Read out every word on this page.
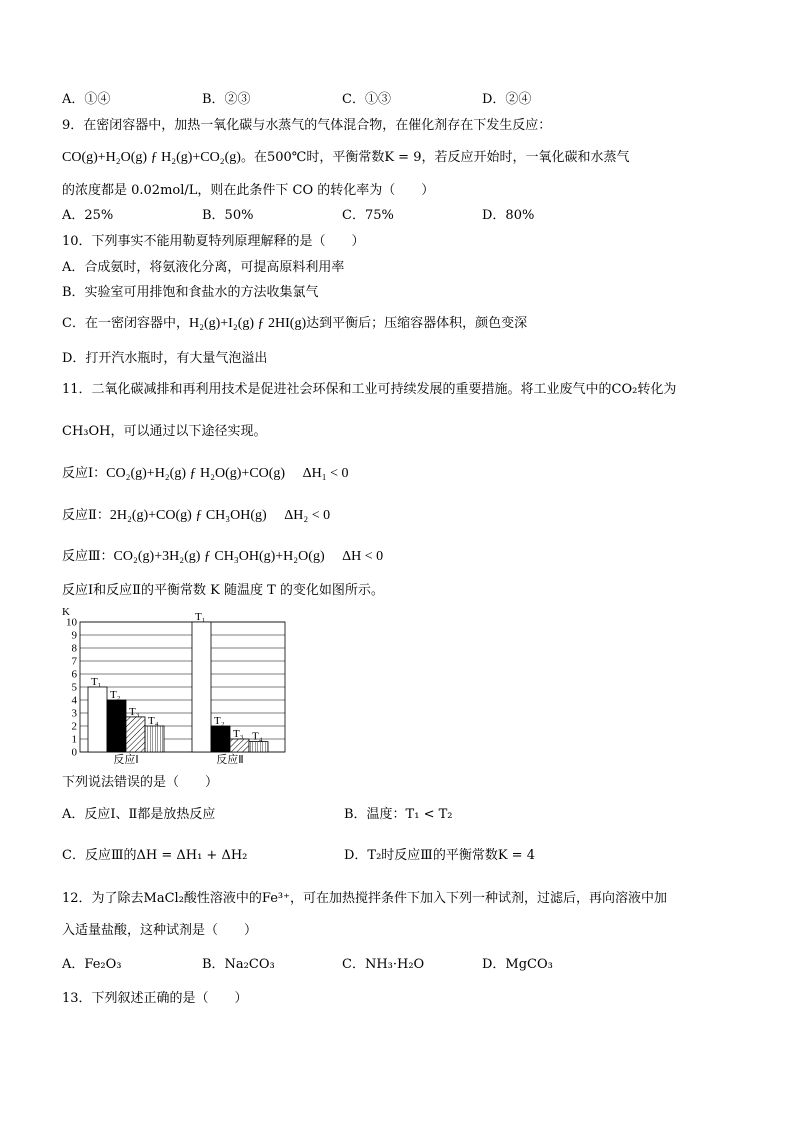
A．①④	B．②③	C．①③	D．②④
9．在密闭容器中，加热一氧化碳与水蒸气的气体混合物，在催化剂存在下发生反应：
CO(g)+H₂O(g) ƒ H₂(g)+CO₂(g)。在500℃时，平衡常数K = 9，若反应开始时，一氧化碳和水蒸气
的浓度都是 0.02mol/L，则在此条件下 CO 的转化率为（　　）
A．25%	B．50%	C．75%	D．80%
10．下列事实不能用勒夏特列原理解释的是（　　）
A．合成氨时，将氨液化分离，可提高原料利用率
B．实验室可用排饱和食盐水的方法收集氯气
C．在一密闭容器中，H₂(g)+I₂(g) ƒ 2HI(g)达到平衡后；压缩容器体积，颜色变深
D．打开汽水瓶时，有大量气泡溢出
11．二氧化碳减排和再利用技术是促进社会环保和工业可持续发展的重要措施。将工业废气中的CO₂转化为
CH₃OH，可以通过以下途径实现。
反应Ⅰ：CO₂(g)+H₂(g) ƒ H₂O(g)+CO(g)　 ΔH₁ < 0
反应Ⅱ：2H₂(g)+CO(g) ƒ CH₃OH(g)　 ΔH₂ < 0
反应Ⅲ：CO₂(g)+3H₂(g) ƒ CH₃OH(g)+H₂O(g)　 ΔH < 0
反应Ⅰ和反应Ⅱ的平衡常数 K 随温度 T 的变化如图所示。
K
0
1
2
3
4
5
6
7
8
9
10
T₁
T₂
T₃
T₄
T₁
T₂
T₃ T₄
反应Ⅰ	反应Ⅱ
下列说法错误的是（　　）
A．反应Ⅰ、Ⅱ都是放热反应	B．温度：T₁ < T₂
C．反应Ⅲ的ΔH = ΔH₁ + ΔH₂	D．T₂时反应Ⅲ的平衡常数K = 4
12．为了除去MaCl₂酸性溶液中的Fe³⁺，可在加热搅拌条件下加入下列一种试剂，过滤后，再向溶液中加
入适量盐酸，这种试剂是（　　）
A．Fe₂O₃	B．Na₂CO₃	C．NH₃·H₂O	D．MgCO₃
13．下列叙述正确的是（　　）
